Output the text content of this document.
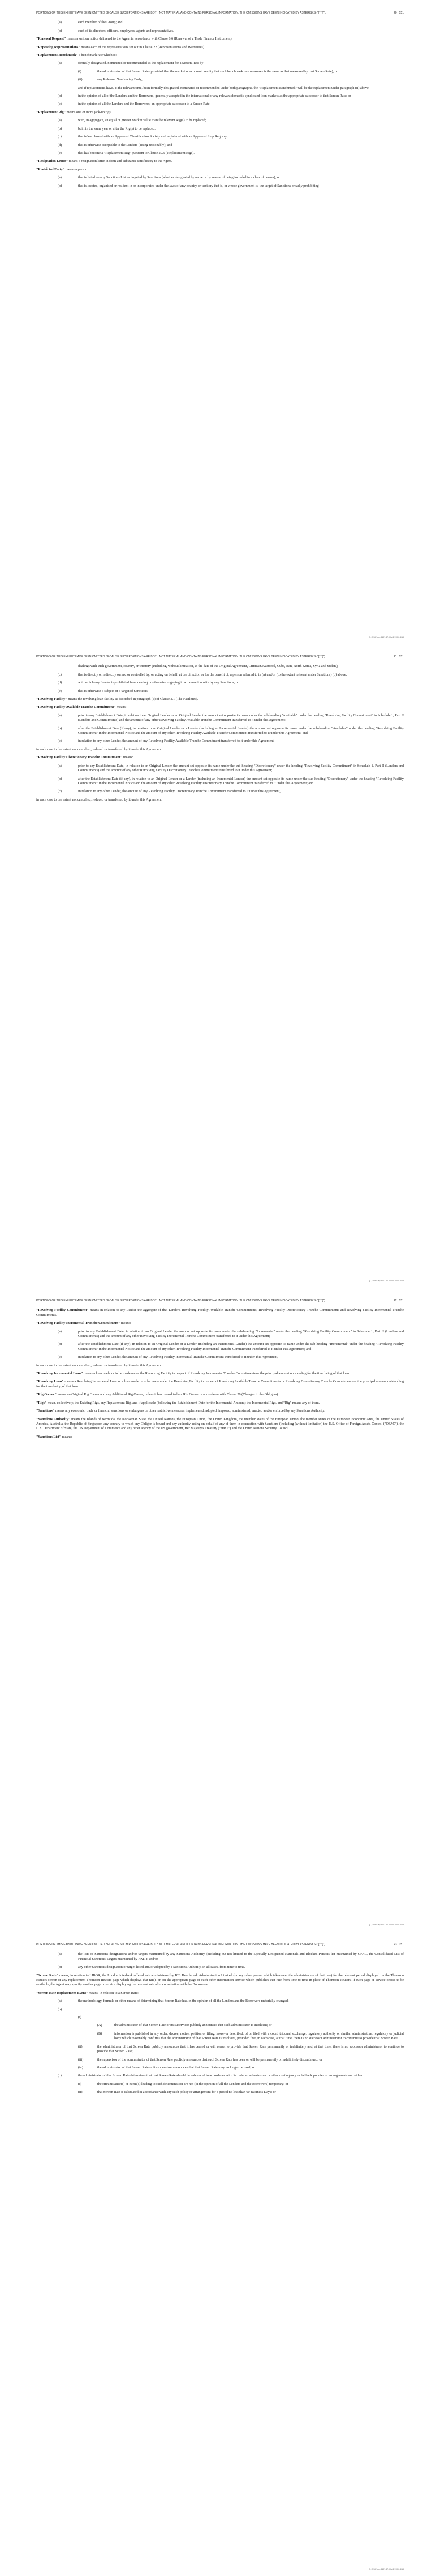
PORTIONS OF THIS EXHIBIT HAVE BEEN OMITTED BECAUSE SUCH PORTIONS ARE BOTH NOT MATERIAL AND CONTAINS PERSONAL INFORMATION. THE OMISSIONS HAVE BEEN INDICATED BY ASTERISKS ("[***]").	20 | 151
(a)	each member of the Group; and
(b)	each of its directors, officers, employees, agents and representatives.

"Renewal Request" means a written notice delivered to the Agent in accordance with Clause 6.6 (Renewal of a Trade Finance Instrument).

"Repeating Representations" means each of the representations set out in Clause 22 (Representations and Warranties).

"Replacement Benchmark" a benchmark rate which is:

(a)	formally designated, nominated or recommended as the replacement for a Screen Rate by:
(i)	the administrator of that Screen Rate (provided that the market or economic reality that such benchmark rate measures is the same as that measured by that Screen Rate); or
(ii)	any Relevant Nominating Body,

and if replacements have, at the relevant time, been formally designated, nominated or recommended under both paragraphs, the "Replacement Benchmark" will be the replacement under paragraph (ii) above;

(b)	in the opinion of all of the Lenders and the Borrowers, generally accepted in the international or any relevant domestic syndicated loan markets as the appropriate successor to that Screen Rate; or
(c)	in the opinion of all the Lenders and the Borrowers, an appropriate successor to a Screen Rate.

"Replacement Rig" means one or more jack-up rigs:

(a)	with, in aggregate, an equal or greater Market Value than the relevant Rig(s) to be replaced;
(b)	built in the same year or after the Rig(s) to be replaced;
(c)	that is/are classed with an Approved Classification Society and registered with an Approved Ship Registry;
(d)	that is otherwise acceptable to the Lenders (acting reasonably); and
(e)	that has become a "Replacement Rig" pursuant to Clause 29.5 (Replacement Rigs).

"Resignation Letter" means a resignation letter in form and substance satisfactory to the Agent.

"Restricted Party" means a person:

(a)	that is listed on any Sanctions List or targeted by Sanctions (whether designated by name or by reason of being included in a class of person); or
(b)	that is located, organised or resident in or incorporated under the laws of any country or territory that is, or whose government is, the target of Sanctions broadly prohibiting
[...]7/04/1/ep 5107.47.00 v.6 190-0.4/18
PORTIONS OF THIS EXHIBIT HAVE BEEN OMITTED BECAUSE SUCH PORTIONS ARE BOTH NOT MATERIAL AND CONTAINS PERSONAL INFORMATION. THE OMISSIONS HAVE BEEN INDICATED BY ASTERISKS ("[***]").	21 | 151

dealings with such government, country, or territory (including, without limitation, at the date of the Original Agreement, Crimea/Sevastopol, Cuba, Iran, North Korea, Syria and Sudan);

(c)	that is directly or indirectly owned or controlled by, or acting on behalf, at the direction or for the benefit of, a person referred to in (a) and/or (to the extent relevant under Sanctions) (b) above;
(d)	with which any Lender is prohibited from dealing or otherwise engaging in a transaction with by any Sanctions; or
(e)	that is otherwise a subject or a target of Sanctions.

"Revolving Facility" means the revolving loan facility as described in paragraph (c) of Clause 2.1 (The Facilities).

"Revolving Facility Available Tranche Commitment" means:

(a)	prior to any Establishment Date, in relation to an Original Lender or an Original Lender the amount set opposite its name under the sub-heading "Available" under the heading "Revolving Facility Commitment" in Schedule 1, Part II (Lenders and Commitments) and the amount of any other Revolving Facility Available Tranche Commitment transferred to it under this Agreement;
(b)	after the Establishment Date (if any), in relation to an Original Lender or a Lender (including an Incremental Lender) the amount set opposite its name under the sub-heading "Available" under the heading "Revolving Facility Commitment" in the Incremental Notice and the amount of any other Revolving Facility Available Tranche Commitment transferred to it under this Agreement; and
(c)	in relation to any other Lender, the amount of any Revolving Facility Available Tranche Commitment transferred to it under this Agreement,

in each case to the extent not cancelled, reduced or transferred by it under this Agreement.

"Revolving Facility Discretionary Tranche Commitment" means:

(a)	prior to any Establishment Date, in relation to an Original Lender the amount set opposite its name under the sub-heading "Discretionary" under the heading "Revolving Facility Commitment" in Schedule 1, Part II (Lenders and Commitments) and the amount of any other Revolving Facility Discretionary Tranche Commitment transferred to it under this Agreement;
(b)	after the Establishment Date (if any), in relation to an Original Lender or a Lender (including an Incremental Lender) the amount set opposite its name under the sub-heading "Discretionary" under the heading "Revolving Facility Commitment" in the Incremental Notice and the amount of any other Revolving Facility Discretionary Tranche Commitment transferred to it under this Agreement; and
(c)	in relation to any other Lender, the amount of any Revolving Facility Discretionary Tranche Commitment transferred to it under this Agreement,

in each case to the extent not cancelled, reduced or transferred by it under this Agreement.

[...]7/04/1/ep 5107.47.00 v.6 190-0.4/18
PORTIONS OF THIS EXHIBIT HAVE BEEN OMITTED BECAUSE SUCH PORTIONS ARE BOTH NOT MATERIAL AND CONTAINS PERSONAL INFORMATION. THE OMISSIONS HAVE BEEN INDICATED BY ASTERISKS ("[***]").	22 | 151

"Revolving Facility Commitment" means in relation to any Lender the aggregate of that Lender's Revolving Facility Available Tranche Commitments, Revolving Facility Discretionary Tranche Commitments and Revolving Facility Incremental Tranche Commitments.

"Revolving Facility Incremental Tranche Commitment" means:

(a)	prior to any Establishment Date, in relation to an Original Lender the amount set opposite its name under the sub-heading "Incremental" under the heading "Revolving Facility Commitment" in Schedule 1, Part II (Lenders and Commitments) and the amount of any other Revolving Facility Incremental Tranche Commitment transferred to it under this Agreement;
(b)	after the Establishment Date (if any), in relation to an Original Lender or a Lender (including an Incremental Lender) the amount set opposite its name under the sub-heading "Incremental" under the heading "Revolving Facility Commitment" in the Incremental Notice and the amount of any other Revolving Facility Incremental Tranche Commitment transferred to it under this Agreement; and
(c)	in relation to any other Lender, the amount of any Revolving Facility Incremental Tranche Commitment transferred to it under this Agreement,

in each case to the extent not cancelled, reduced or transferred by it under this Agreement.

"Revolving Incremental Loan" means a loan made or to be made under the Revolving Facility in respect of Revolving Incremental Tranche Commitments or the principal amount outstanding for the time being of that loan.

"Revolving Loan" means a Revolving Incremental Loan or a loan made or to be made under the Revolving Facility in respect of Revolving Available Tranche Commitments or Revolving Discretionary Tranche Commitments or the principal amount outstanding for the time being of that loan.

"Rig Owner" means an Original Rig Owner and any Additional Rig Owner, unless it has ceased to be a Rig Owner in accordance with Clause 29 (Changes to the Obligors).

"Rigs" mean, collectively, the Existing Rigs, any Replacement Rig, and if applicable (following the Establishment Date for the Incremental Amount) the Incremental Rigs, and "Rig" means any of them.

"Sanctions" means any economic, trade or financial sanctions or embargoes or other restrictive measures implemented, adopted, imposed, administered, enacted and/or enforced by any Sanctions Authority.

"Sanctions Authority" means the Islands of Bermuda, the Norwegian State, the United Nations, the European Union, the United Kingdom, the member states of the European Union, the member states of the European Economic Area, the United States of America, Australia, the Republic of Singapore, any country to which any Obligor is bound and any authority acting on behalf of any of them in connection with Sanctions (including (without limitation) the U.S. Office of Foreign Assets Control ("OFAC"), the U.S. Department of State, the US Department of Commerce and any other agency of the US government, Her Majesty's Treasury ("HMT") and the United Nations Security Council.

"Sanctions List" means:

[...]7/04/1/ep 5107.47.00 v.6 190-0.4/18
PORTIONS OF THIS EXHIBIT HAVE BEEN OMITTED BECAUSE SUCH PORTIONS ARE BOTH NOT MATERIAL AND CONTAINS PERSONAL INFORMATION. THE OMISSIONS HAVE BEEN INDICATED BY ASTERISKS ("[***]").	23 | 151
(a)	the lists of Sanctions designations and/or targets maintained by any Sanctions Authority (including but not limited to the Specially Designated Nationals and Blocked Persons list maintained by OFAC, the Consolidated List of Financial Sanctions Targets maintained by HMT); and/or
(b)	any other Sanctions designation or target listed and/or adopted by a Sanctions Authority, in all cases, from time to time.

"Screen Rate" means, in relation to LIBOR, the London interbank offered rate administered by ICE Benchmark Administration Limited (or any other person which takes over the administration of that rate) for the relevant period displayed on the Thomson Reuters screen or any replacement Thomson Reuters page which displays that rate), or, on the appropriate page of such other information service which publishes that rate from time to time in place of Thomson Reuters. If such page or service ceases to be available, the Agent may specify another page or service displaying the relevant rate after consultation with the Borrowers.

"Screen Rate Replacement Event" means, in relation to a Screen Rate:

(a)	the methodology, formula or other means of determining that Screen Rate has, in the opinion of all the Lenders and the Borrowers materially changed;
(b)
(i)
(A)	the administrator of that Screen Rate or its supervisor publicly announces that such administrator is insolvent; or
(B)	information is published in any order, decree, notice, petition or filing, however described, of or filed with a court, tribunal, exchange, regulatory authority or similar administrative, regulatory or judicial body which reasonably confirms that the administrator of that Screen Rate is insolvent, provided that, in each case, at that time, there is no successor administrator to continue to provide that Screen Rate;
(ii)	the administrator of that Screen Rate publicly announces that it has ceased or will cease, to provide that Screen Rate permanently or indefinitely and, at that time, there is no successor administrator to continue to provide that Screen Rate;
(iii)	the supervisor of the administrator of that Screen Rate publicly announces that such Screen Rate has been or will be permanently or indefinitely discontinued; or
(iv)	the administrator of that Screen Rate or its supervisor announces that that Screen Rate may no longer be used; or
(c)	the administrator of that Screen Rate determines that that Screen Rate should be calculated in accordance with its reduced submissions or other contingency or fallback policies or arrangements and either:
(i)	the circumstance(s) or event(s) leading to such determination are not (in the opinion of all the Lenders and the Borrowers) temporary; or
(ii)	that Screen Rate is calculated in accordance with any such policy or arrangement for a period no less than 60 Business Days; or
[...]7/04/1/ep 5107.47.00 v.6 190-0.4/18
